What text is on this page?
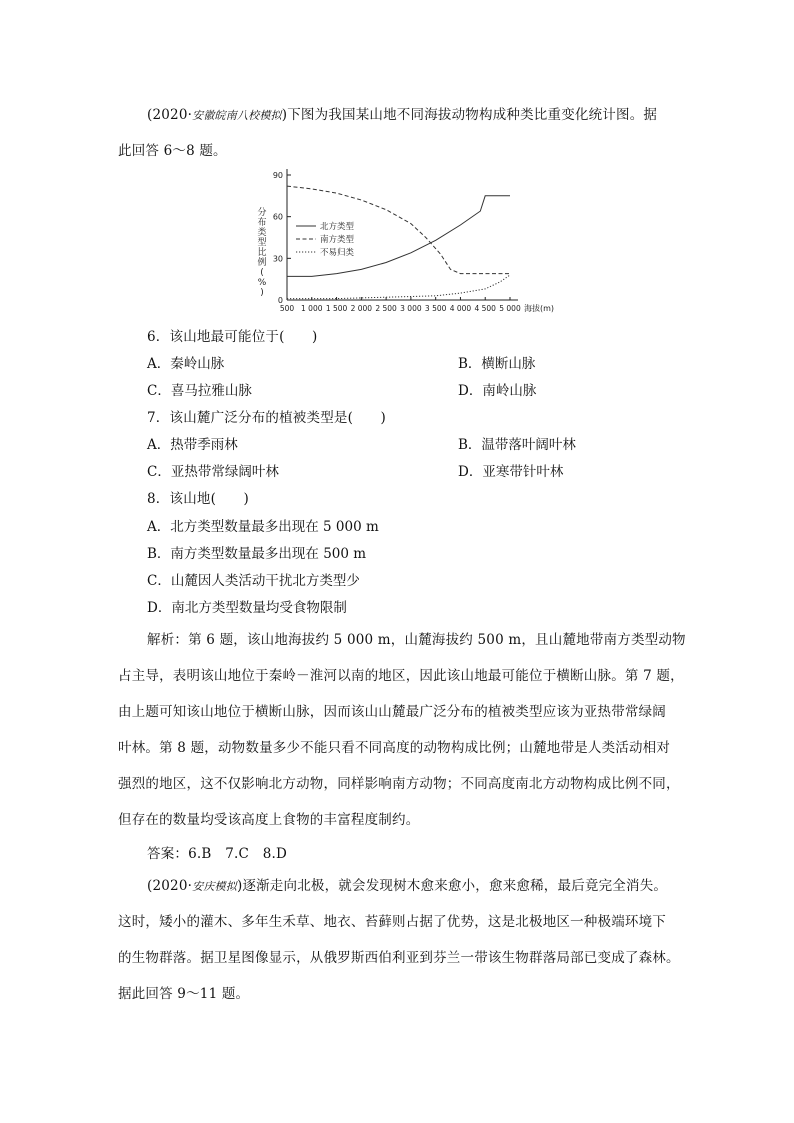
(2020·安徽皖南八校模拟)下图为我国某山地不同海拔动物构成种类比重变化统计图。据
此回答 6～8 题。
90
60
30
0
500 1 000 1 500 2 000 2 500 3 000 3 500 4 000 4 500 5 000 海拔(m)
分
布
类
型
比
例
(
%
)
北方类型
南方类型
不易归类
6．该山地最可能位于(　　)
A．秦岭山脉	B．横断山脉
C．喜马拉雅山脉	D．南岭山脉
7．该山麓广泛分布的植被类型是(　　)
A．热带季雨林	B．温带落叶阔叶林
C．亚热带常绿阔叶林	D．亚寒带针叶林
8．该山地(　　)
A．北方类型数量最多出现在 5 000 m
B．南方类型数量最多出现在 500 m
C．山麓因人类活动干扰北方类型少
D．南北方类型数量均受食物限制
解析：第 6 题，该山地海拔约 5 000 m，山麓海拔约 500 m，且山麓地带南方类型动物
占主导，表明该山地位于秦岭－淮河以南的地区，因此该山地最可能位于横断山脉。第 7 题，
由上题可知该山地位于横断山脉，因而该山山麓最广泛分布的植被类型应该为亚热带常绿阔
叶林。第 8 题，动物数量多少不能只看不同高度的动物构成比例；山麓地带是人类活动相对
强烈的地区，这不仅影响北方动物，同样影响南方动物；不同高度南北方动物构成比例不同，
但存在的数量均受该高度上食物的丰富程度制约。
答案：6.B　7.C　8.D
(2020·安庆模拟)逐渐走向北极，就会发现树木愈来愈小，愈来愈稀，最后竟完全消失。
这时，矮小的灌木、多年生禾草、地衣、苔藓则占据了优势，这是北极地区一种极端环境下
的生物群落。据卫星图像显示，从俄罗斯西伯利亚到芬兰一带该生物群落局部已变成了森林。
据此回答 9～11 题。
